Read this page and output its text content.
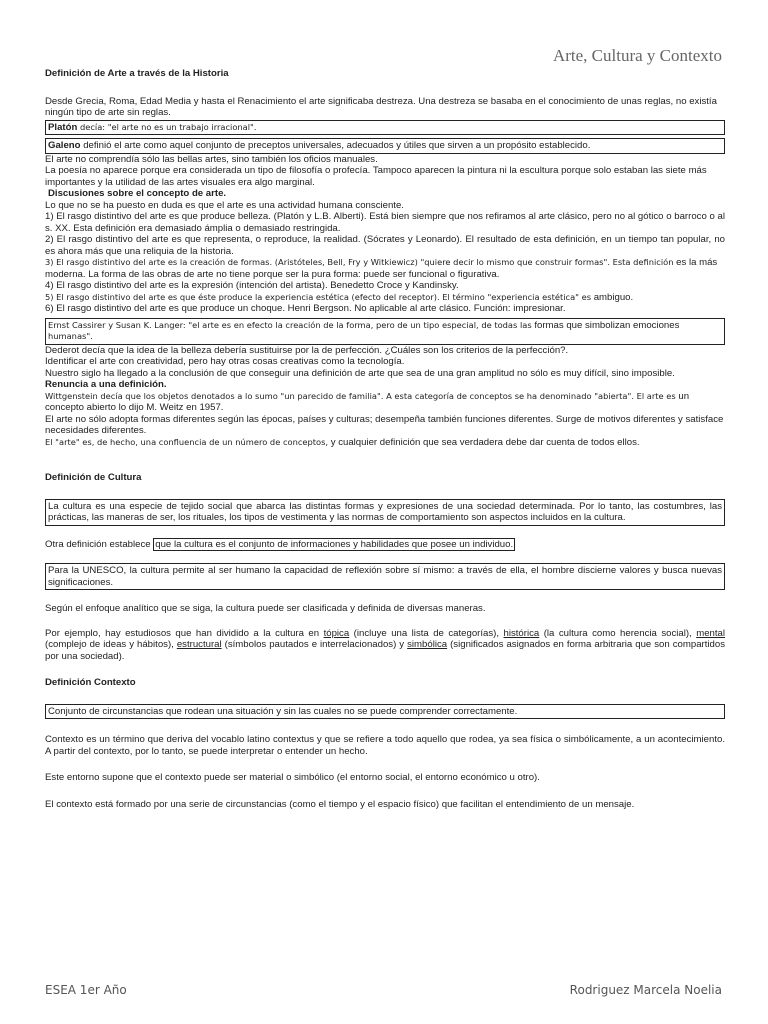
Arte, Cultura y Contexto

Definición de Arte a través de la Historia

Desde Grecia, Roma, Edad Media y hasta el Renacimiento el arte significaba destreza. Una destreza se basaba en el conocimiento de unas reglas, no existía ningún tipo de arte sin reglas.

Platón decía: "el arte no es un trabajo irracional".
Galeno definió el arte como aquel conjunto de preceptos universales, adecuados y útiles que sirven a un propósito establecido.

El arte no comprendía sólo las bellas artes, sino también los oficios manuales.

La poesía no aparece porque era considerada un tipo de filosofía o profecía. Tampoco aparecen la pintura ni la escultura porque solo estaban las siete más importantes y la utilidad de las artes visuales era algo marginal.

Discusiones sobre el concepto de arte.

Lo que no se ha puesto en duda es que el arte es una actividad humana consciente.

1) El rasgo distintivo del arte es que produce belleza. (Platón y L.B. Alberti). Está bien siempre que nos refiramos al arte clásico, pero no al gótico o barroco o al s. XX. Esta definición era demasiado ámplia o demasiado restringida.

2) El rasgo distintivo del arte es que representa, o reproduce, la realidad. (Sócrates y Leonardo). El resultado de esta definición, en un tiempo tan popular, no es ahora más que una reliquia de la historia.

3) El rasgo distintivo del arte es la creación de formas. (Aristóteles, Bell, Fry y Witkiewicz) "quiere decir lo mismo que construir formas". Esta definición es la más moderna. La forma de las obras de arte no tiene porque ser la pura forma: puede ser funcional o figurativa.

4) El rasgo distintivo del arte es la expresión (intención del artista). Benedetto Croce y Kandinsky.

5) El rasgo distintivo del arte es que éste produce la experiencia estética (efecto del receptor). El término "experiencia estética" es ambiguo.

6) El rasgo distintivo del arte es que produce un choque. Henri Bergson. No aplicable al arte clásico. Función: impresionar.

Ernst Cassirer y Susan K. Langer: "el arte es en efecto la creación de la forma, pero de un tipo especial, de todas las formas que simbolizan emociones
humanas".

Dederot decía que la idea de la belleza debería sustituirse por la de perfección. ¿Cuáles son los criterios de la perfección?.

Identificar el arte con creatividad, pero hay otras cosas creativas como la tecnología.

Nuestro siglo ha llegado a la conclusión de que conseguir una definición de arte que sea de una gran amplitud no sólo es muy difícil, sino imposible.

Renuncia a una definición.

Wittgenstein decía que los objetos denotados a lo sumo "un parecido de familia". A esta categoría de conceptos se ha denominado "abierta". El arte es un concepto abierto lo dijo M. Weitz en 1957.

El arte no sólo adopta formas diferentes según las épocas, países y culturas; desempeña también funciones diferentes. Surge de motivos diferentes y satisface necesidades diferentes.

El "arte" es, de hecho, una confluencia de un número de conceptos, y cualquier definición que sea verdadera debe dar cuenta de todos ellos.

Definición de Cultura

La cultura es una especie de tejido social que abarca las distintas formas y expresiones de una sociedad determinada. Por lo tanto, las costumbres, las prácticas, las maneras de ser, los rituales, los tipos de vestimenta y las normas de comportamiento son aspectos incluidos en la cultura.

Otra definición establece que la cultura es el conjunto de informaciones y habilidades que posee un individuo.

Para la UNESCO, la cultura permite al ser humano la capacidad de reflexión sobre sí mismo: a través de ella, el hombre discierne valores y busca nuevas significaciones.

Según el enfoque analítico que se siga, la cultura puede ser clasificada y definida de diversas maneras.

Por ejemplo, hay estudiosos que han dividido a la cultura en tópica (incluye una lista de categorías), histórica (la cultura como herencia social), mental (complejo de ideas y hábitos), estructural (símbolos pautados e interrelacionados) y simbólica (significados asignados en forma arbitraria que son compartidos por una sociedad).

Definición Contexto

Conjunto de circunstancias que rodean una situación y sin las cuales no se puede comprender correctamente.

Contexto es un término que deriva del vocablo latino contextus y que se refiere a todo aquello que rodea, ya sea física o simbólicamente, a un acontecimiento. A partir del contexto, por lo tanto, se puede interpretar o entender un hecho.

Este entorno supone que el contexto puede ser material o simbólico (el entorno social, el entorno económico u otro).

El contexto está formado por una serie de circunstancias (como el tiempo y el espacio físico) que facilitan el entendimiento de un mensaje.

ESEA 1er Año	Rodriguez Marcela Noelia
